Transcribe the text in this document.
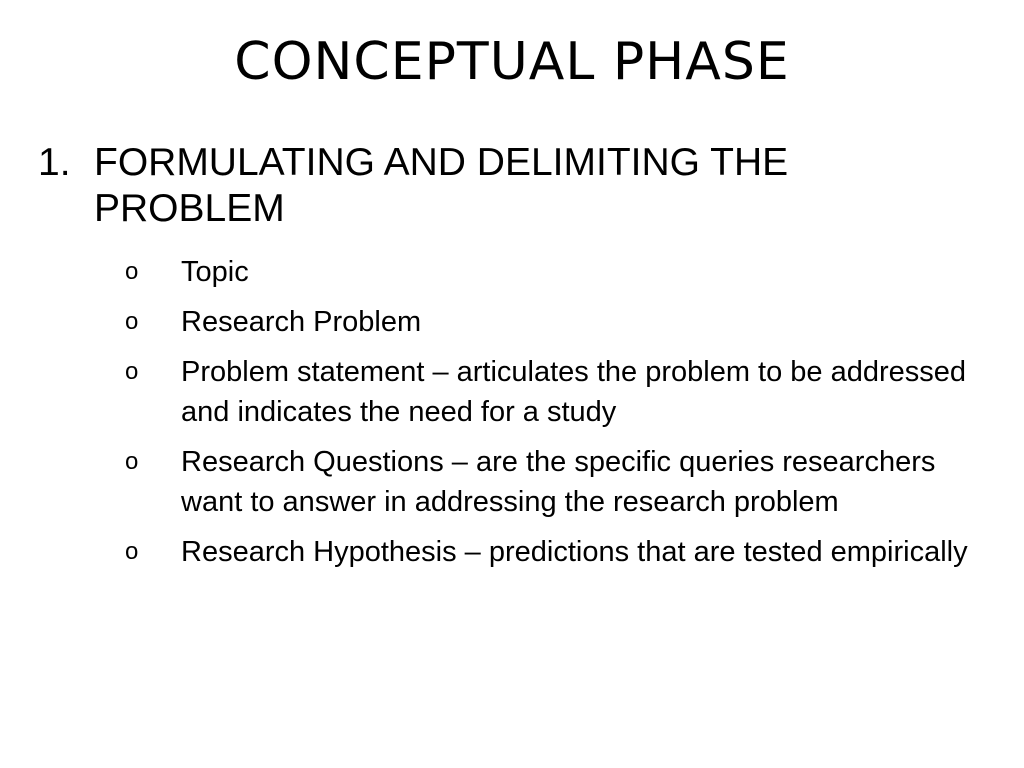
CONCEPTUAL PHASE
1. FORMULATING AND DELIMITING THE PROBLEM
o Topic
o Research Problem
o Problem statement – articulates the problem to be addressed and indicates the need for a study
o Research Questions – are the specific queries researchers want to answer in addressing the research problem
o Research Hypothesis – predictions that are tested empirically
